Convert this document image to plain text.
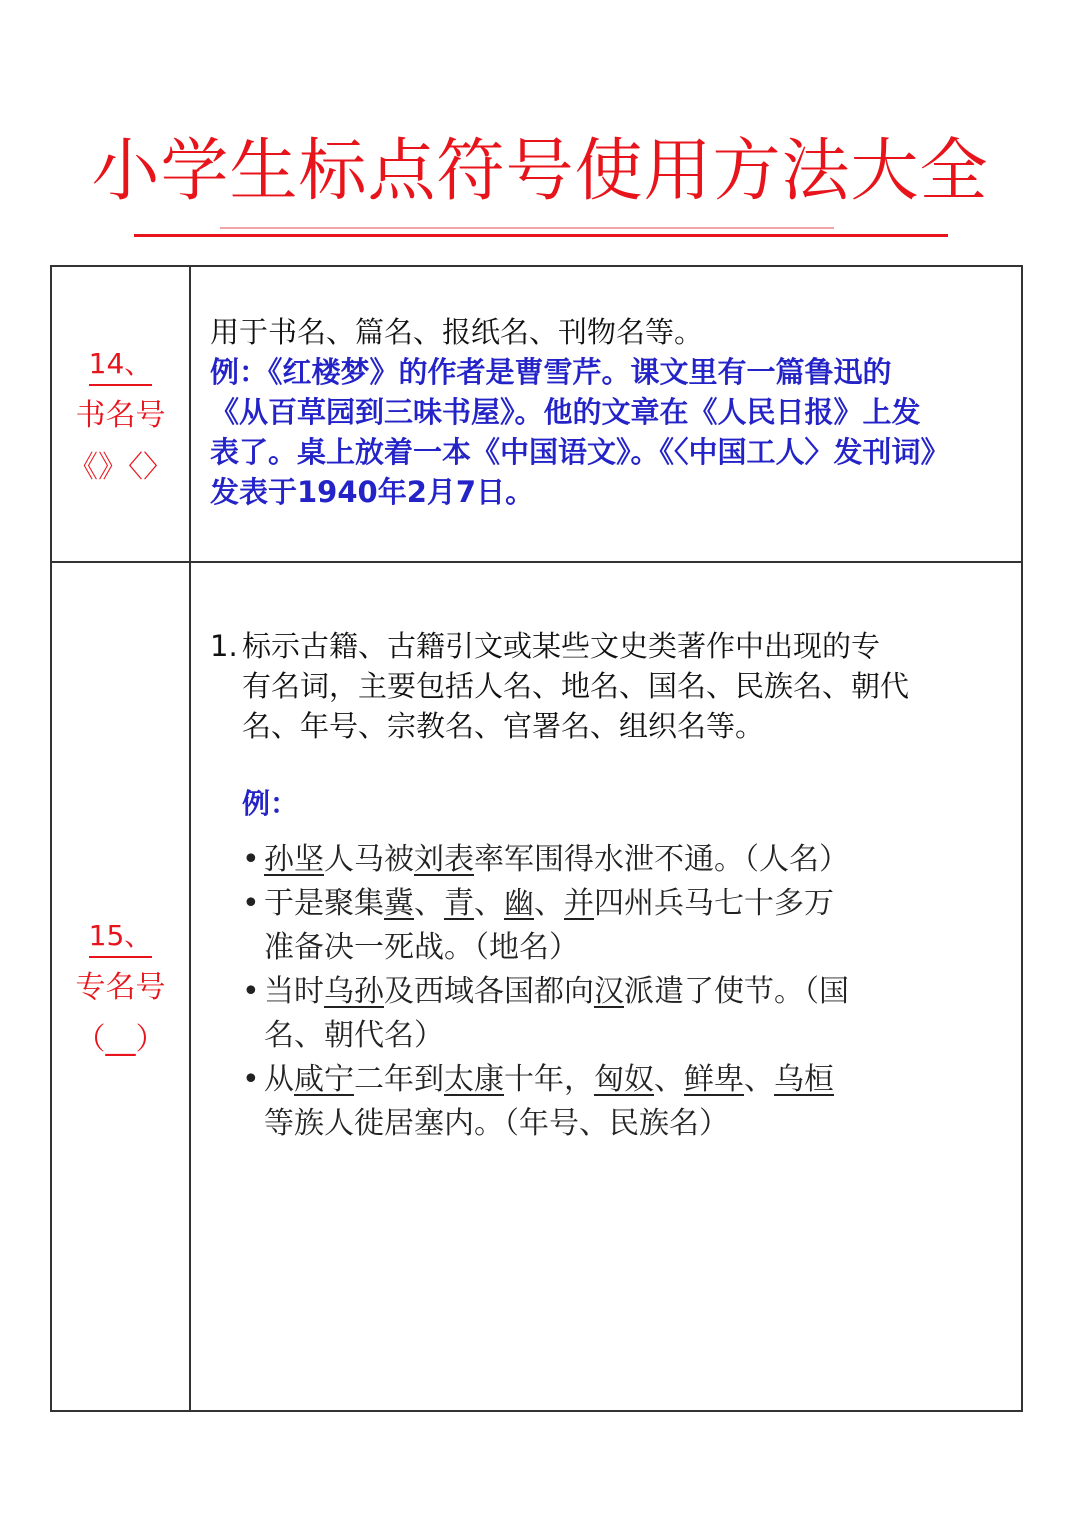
小学生标点符号使用方法大全
14、
书名号
《》〈〉
用于书名、篇名、报纸名、刊物名等。
例：《红楼梦》的作者是曹雪芹。课文里有一篇鲁迅的
《从百草园到三味书屋》。他的文章在《人民日报》上发
表了。桌上放着一本《中国语文》。《〈中国工人〉发刊词》
发表于1940年2月7日。
15、
专名号
（__）
1. 标示古籍、古籍引文或某些文史类著作中出现的专
有名词，主要包括人名、地名、国名、民族名、朝代
名、年号、宗教名、官署名、组织名等。
例：
• 孙坚人马被刘表率军围得水泄不通。（人名）
• 于是聚集冀、青、幽、并四州兵马七十多万
准备决一死战。（地名）
• 当时乌孙及西域各国都向汉派遣了使节。（国
名、朝代名）
• 从咸宁二年到太康十年，匈奴、鲜卑、乌桓
等族人徙居塞内。（年号、民族名）
